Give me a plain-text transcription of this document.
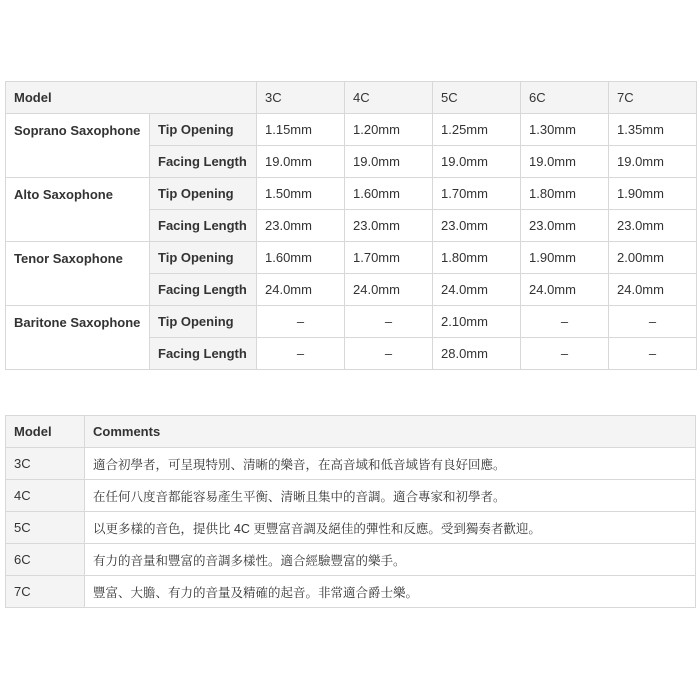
Model		3C	4C	5C	6C	7C
Soprano Saxophone	Tip Opening	1.15mm	1.20mm	1.25mm	1.30mm	1.35mm
	Facing Length	19.0mm	19.0mm	19.0mm	19.0mm	19.0mm
Alto Saxophone	Tip Opening	1.50mm	1.60mm	1.70mm	1.80mm	1.90mm
	Facing Length	23.0mm	23.0mm	23.0mm	23.0mm	23.0mm
Tenor Saxophone	Tip Opening	1.60mm	1.70mm	1.80mm	1.90mm	2.00mm
	Facing Length	24.0mm	24.0mm	24.0mm	24.0mm	24.0mm
Baritone Saxophone	Tip Opening	–	–	2.10mm	–	–
	Facing Length	–	–	28.0mm	–	–
Model	Comments
3C	適合初學者，可呈現特別、清晰的樂音，在高音域和低音域皆有良好回應。
4C	在任何八度音都能容易產生平衡、清晰且集中的音調。適合專家和初學者。
5C	以更多樣的音色，提供比 4C 更豐富音調及絕佳的彈性和反應。受到獨奏者歡迎。
6C	有力的音量和豐富的音調多樣性。適合經驗豐富的樂手。
7C	豐富、大膽、有力的音量及精確的起音。非常適合爵士樂。
